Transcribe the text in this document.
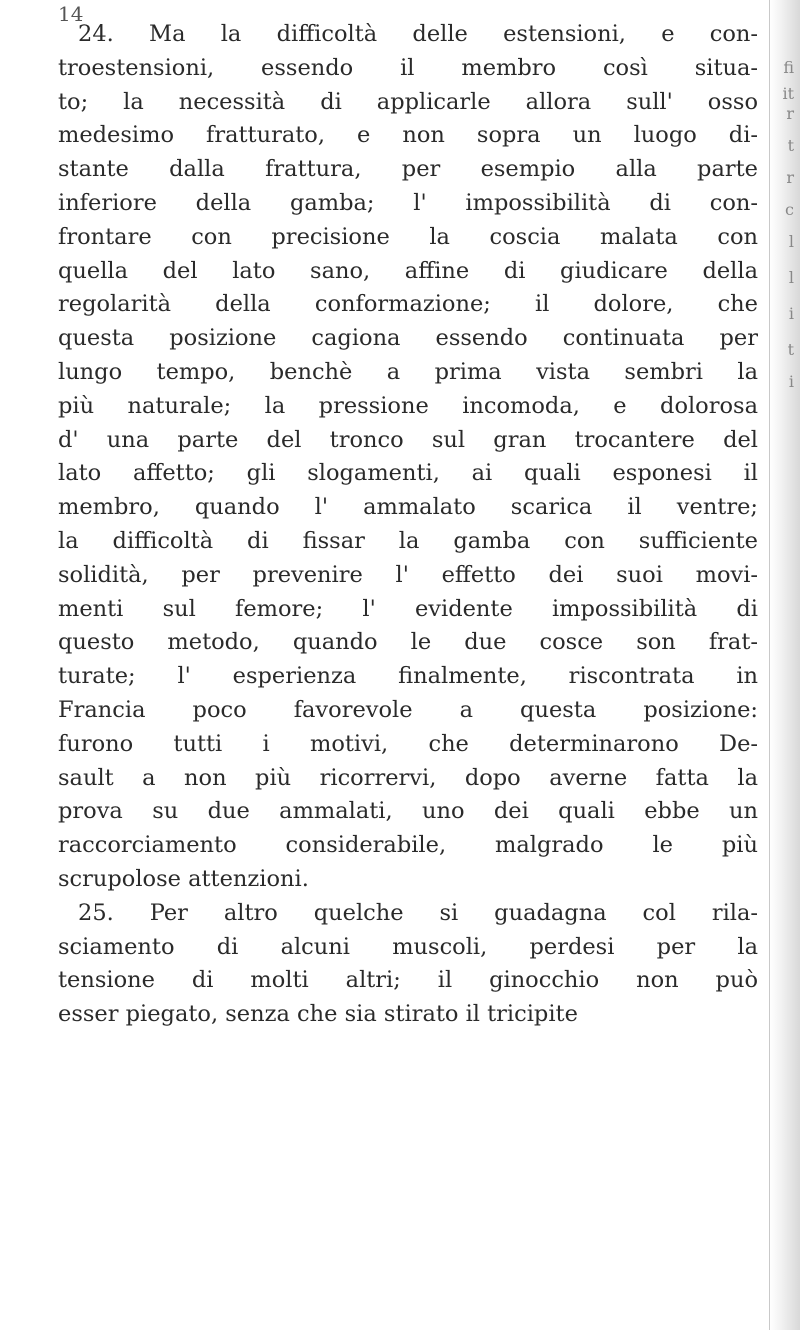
14
24. Ma la difficoltà delle estensioni, e con-
troestensioni, essendo il membro così situa-
to; la necessità di applicarle allora sull' osso
medesimo fratturato, e non sopra un luogo di-
stante dalla frattura, per esempio alla parte
inferiore della gamba; l' impossibilità di con-
frontare con precisione la coscia malata con
quella del lato sano, affine di giudicare della
regolarità della conformazione; il dolore, che
questa posizione cagiona essendo continuata per
lungo tempo, benchè a prima vista sembri la
più naturale; la pressione incomoda, e dolorosa
d' una parte del tronco sul gran trocantere del
lato affetto; gli slogamenti, ai quali esponesi il
membro, quando l' ammalato scarica il ventre;
la difficoltà di fissar la gamba con sufficiente
solidità, per prevenire l' effetto dei suoi movi-
menti sul femore; l' evidente impossibilità di
questo metodo, quando le due cosce son frat-
turate; l' esperienza finalmente, riscontrata in
Francia poco favorevole a questa posizione:
furono tutti i motivi, che determinarono De-
sault a non più ricorrervi, dopo averne fatta la
prova su due ammalati, uno dei quali ebbe un
raccorciamento considerabile, malgrado le più
scrupolose attenzioni.
25. Per altro quelche si guadagna col rila-
sciamento di alcuni muscoli, perdesi per la
tensione di molti altri; il ginocchio non può
esser piegato, senza che sia stirato il tricipite
fi
it
r
t
r
c
l
l
i
t
i
